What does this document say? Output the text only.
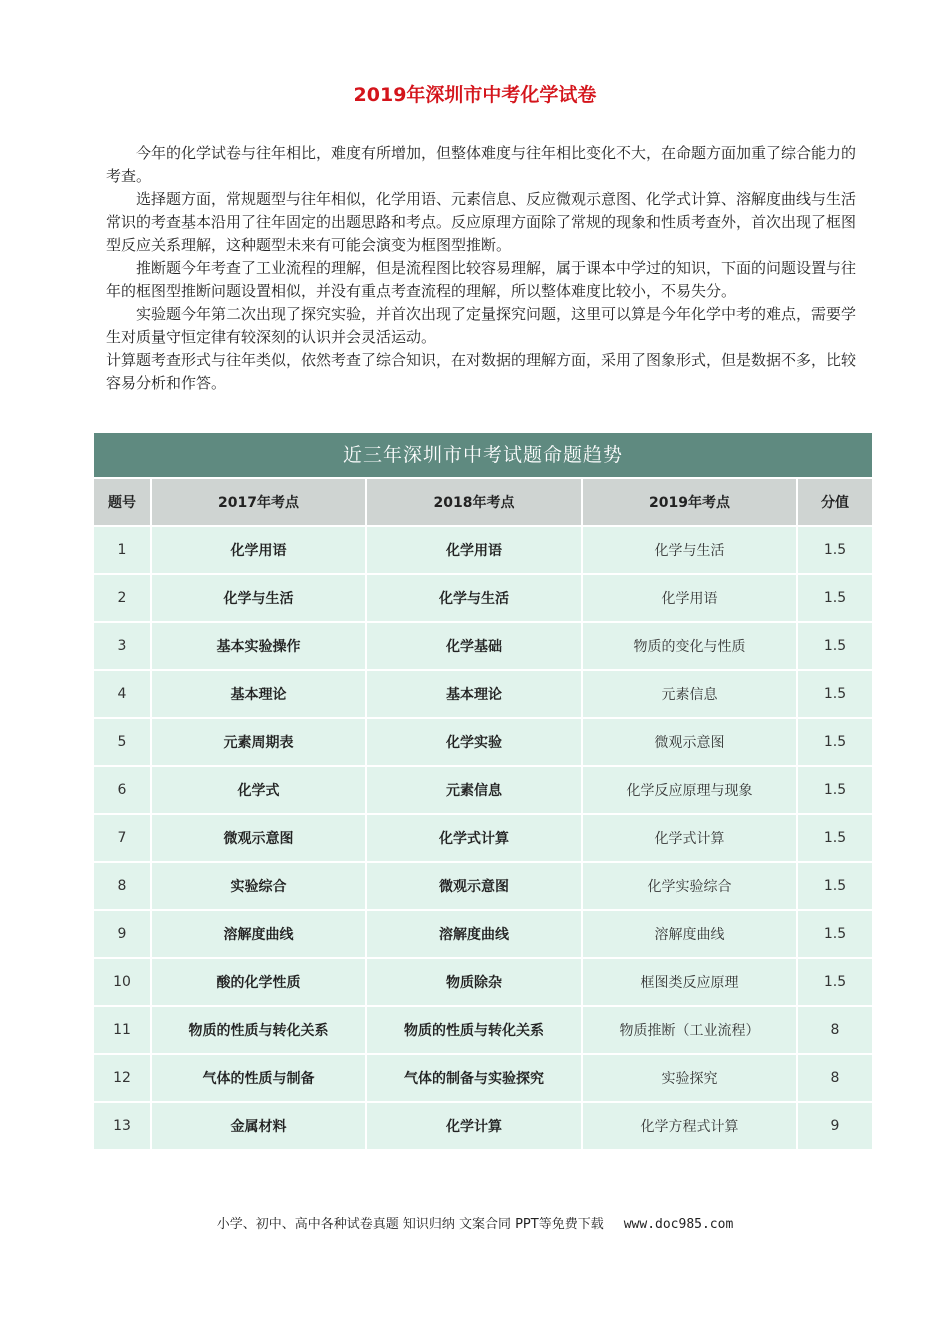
2019年深圳市中考化学试卷

今年的化学试卷与往年相比，难度有所增加，但整体难度与往年相比变化不大，在命题方面加重了综合能力的考查。

选择题方面，常规题型与往年相似，化学用语、元素信息、反应微观示意图、化学式计算、溶解度曲线与生活常识的考查基本沿用了往年固定的出题思路和考点。反应原理方面除了常规的现象和性质考查外，首次出现了框图型反应关系理解，这种题型未来有可能会演变为框图型推断。

推断题今年考查了工业流程的理解，但是流程图比较容易理解，属于课本中学过的知识，下面的问题设置与往年的框图型推断问题设置相似，并没有重点考查流程的理解，所以整体难度比较小，不易失分。

实验题今年第二次出现了探究实验，并首次出现了定量探究问题，这里可以算是今年化学中考的难点，需要学生对质量守恒定律有较深刻的认识并会灵活运动。

计算题考查形式与往年类似，依然考查了综合知识，在对数据的理解方面，采用了图象形式，但是数据不多，比较容易分析和作答。

近三年深圳市中考试题命题趋势
题号	2017年考点	2018年考点	2019年考点	分值
1	化学用语	化学用语	化学与生活	1.5
2	化学与生活	化学与生活	化学用语	1.5
3	基本实验操作	化学基础	物质的变化与性质	1.5
4	基本理论	基本理论	元素信息	1.5
5	元素周期表	化学实验	微观示意图	1.5
6	化学式	元素信息	化学反应原理与现象	1.5
7	微观示意图	化学式计算	化学式计算	1.5
8	实验综合	微观示意图	化学实验综合	1.5
9	溶解度曲线	溶解度曲线	溶解度曲线	1.5
10	酸的化学性质	物质除杂	框图类反应原理	1.5
11	物质的性质与转化关系	物质的性质与转化关系	物质推断（工业流程）	8
12	气体的性质与制备	气体的制备与实验探究	实验探究	8
13	金属材料	化学计算	化学方程式计算	9
小学、初中、高中各种试卷真题 知识归纳 文案合同 PPT等免费下载 www.doc985.com
